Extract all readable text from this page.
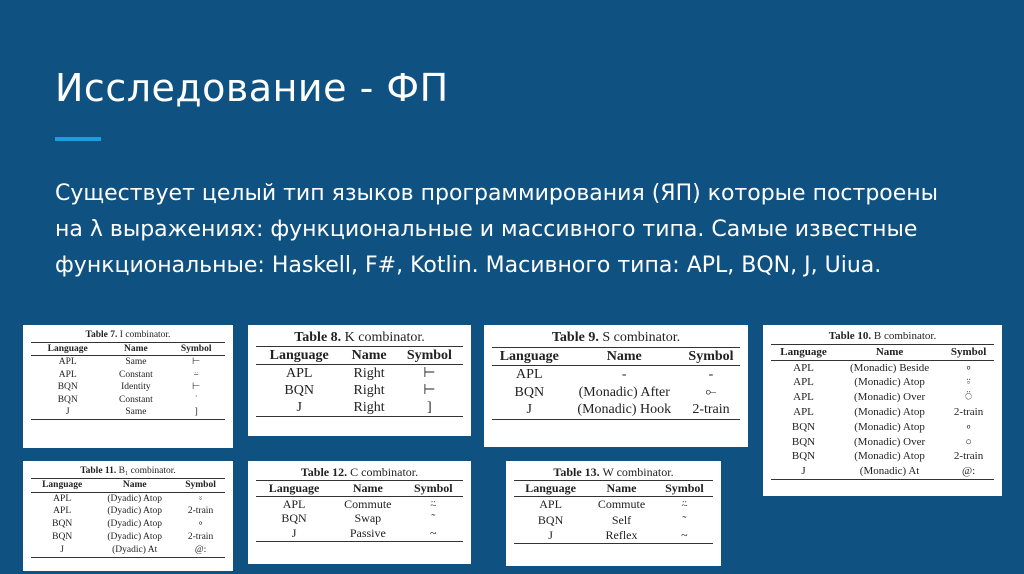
Исследование - ФП
Существует целый тип языков программирования (ЯП) которые построены на λ выражениях: функциональные и массивного типа. Самые известные функциональные: Haskell, F#, Kotlin. Масивного типа: APL, BQN, J, Uiua.
Table 7. I combinator.
Language	Name	Symbol
APL	Same	⊢
APL	Constant	⍨
BQN	Identity	⊢
BQN	Constant	˙
J	Same	]
Table 8. K combinator.
Language	Name	Symbol
APL	Right	⊢
BQN	Right	⊢
J	Right	]
Table 9. S combinator.
Language	Name	Symbol
APL	-	-
BQN	(Monadic) After	⟜
J	(Monadic) Hook	2-train
Table 10. B combinator.
Language	Name	Symbol
APL	(Monadic) Beside	∘
APL	(Monadic) Atop	⍤
APL	(Monadic) Over	⍥
APL	(Monadic) Atop	2-train
BQN	(Monadic) Atop	∘
BQN	(Monadic) Over	○
BQN	(Monadic) Atop	2-train
J	(Monadic) At	@:
Table 11. B₁ combinator.
Language	Name	Symbol
APL	(Dyadic) Atop	⍤
APL	(Dyadic) Atop	2-train
BQN	(Dyadic) Atop	∘
BQN	(Dyadic) Atop	2-train
J	(Dyadic) At	@:
Table 12. C combinator.
Language	Name	Symbol
APL	Commute	⍨
BQN	Swap	˜
J	Passive	~
Table 13. W combinator.
Language	Name	Symbol
APL	Commute	⍨
BQN	Self	˜
J	Reflex	~
